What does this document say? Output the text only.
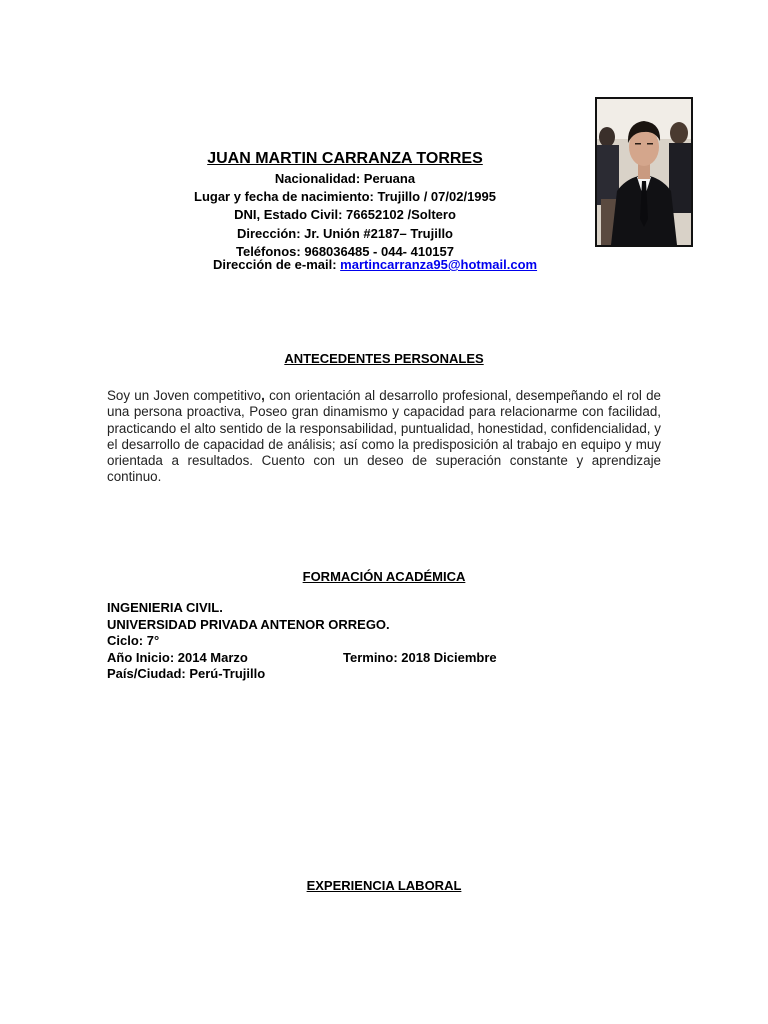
JUAN MARTIN CARRANZA TORRES
Nacionalidad: Peruana
Lugar y fecha de nacimiento: Trujillo / 07/02/1995
DNI, Estado Civil: 76652102 /Soltero
Dirección: Jr. Unión #2187– Trujillo
Teléfonos: 968036485 - 044- 410157
Dirección de e-mail: martincarranza95@hotmail.com
ANTECEDENTES PERSONALES
Soy un Joven competitivo, con orientación al desarrollo profesional, desempeñando el rol de una persona proactiva, Poseo gran dinamismo y capacidad para relacionarme con facilidad, practicando el alto sentido de la responsabilidad, puntualidad, honestidad, confidencialidad, y el desarrollo de capacidad de análisis; así como la predisposición al trabajo en equipo y muy orientada a resultados. Cuento con un deseo de superación constante y aprendizaje continuo.
FORMACIÓN ACADÉMICA
INGENIERIA CIVIL.
UNIVERSIDAD PRIVADA ANTENOR ORREGO.
Ciclo: 7°
Año Inicio: 2014 Marzo	Termino: 2018 Diciembre
País/Ciudad: Perú-Trujillo
EXPERIENCIA LABORAL
